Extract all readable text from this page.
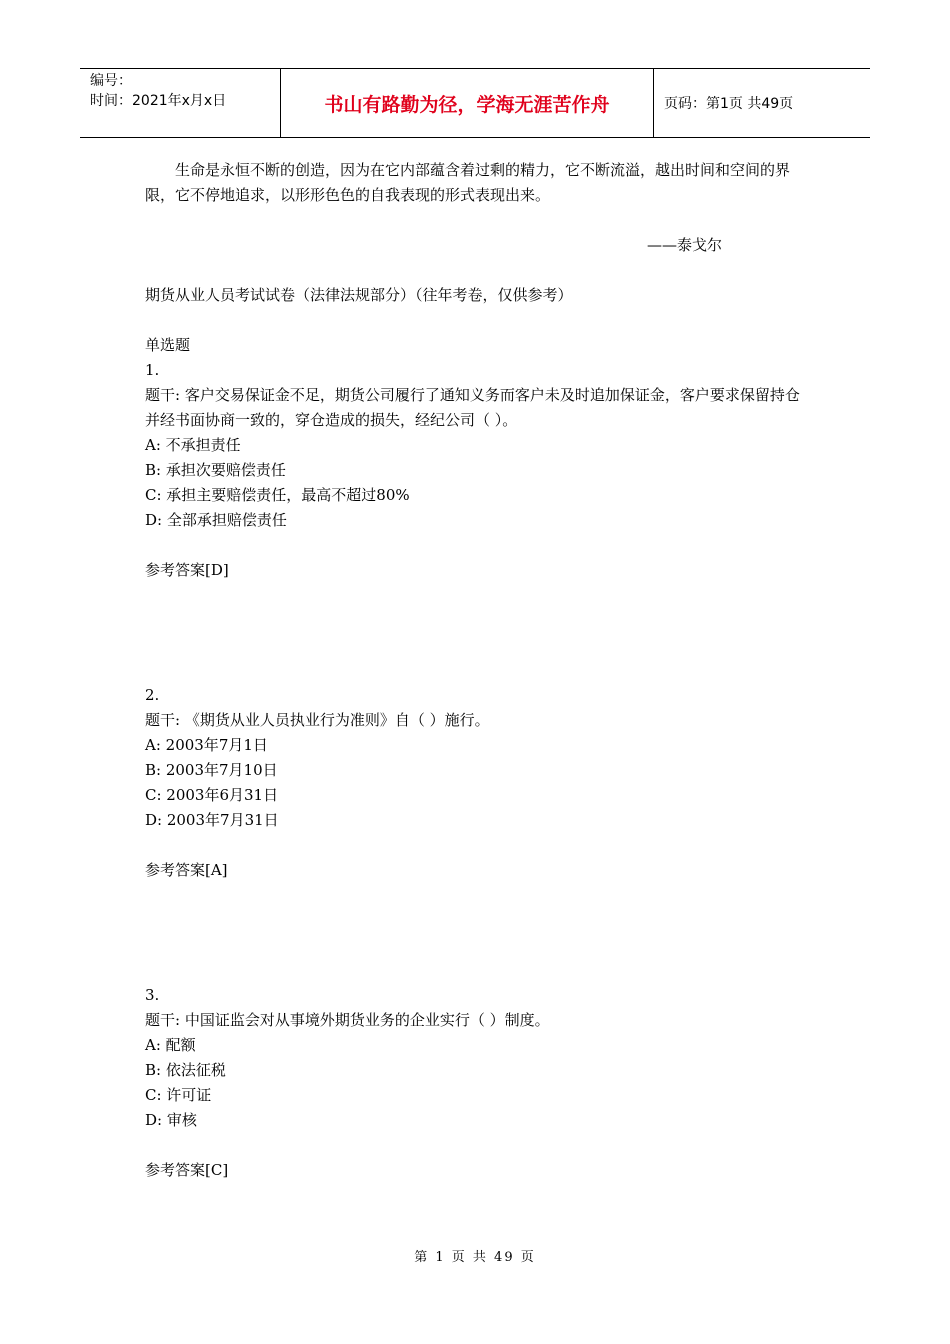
编号：
时间：2021年x月x日	书山有路勤为径，学海无涯苦作舟	页码：第1页 共49页

生命是永恒不断的创造，因为在它内部蕴含着过剩的精力，它不断流溢，越出时间和空间的界限，它不停地追求，以形形色色的自我表现的形式表现出来。

——泰戈尔

期货从业人员考试试卷（法律法规部分）（往年考卷，仅供参考）

单选题

1.

题干: 客户交易保证金不足，期货公司履行了通知义务而客户未及时追加保证金，客户要求保留持仓并经书面协商一致的，穿仓造成的损失，经纪公司（ ）。

A: 不承担责任

B: 承担次要赔偿责任

C: 承担主要赔偿责任，最高不超过80%

D: 全部承担赔偿责任

参考答案[D]

2.

题干: 《期货从业人员执业行为准则》自（ ）施行。

A: 2003年7月1日

B: 2003年7月10日

C: 2003年6月31日

D: 2003年7月31日

参考答案[A]

3.

题干: 中国证监会对从事境外期货业务的企业实行（ ）制度。

A: 配额

B: 依法征税

C: 许可证

D: 审核

参考答案[C]

第 1 页 共 49 页
